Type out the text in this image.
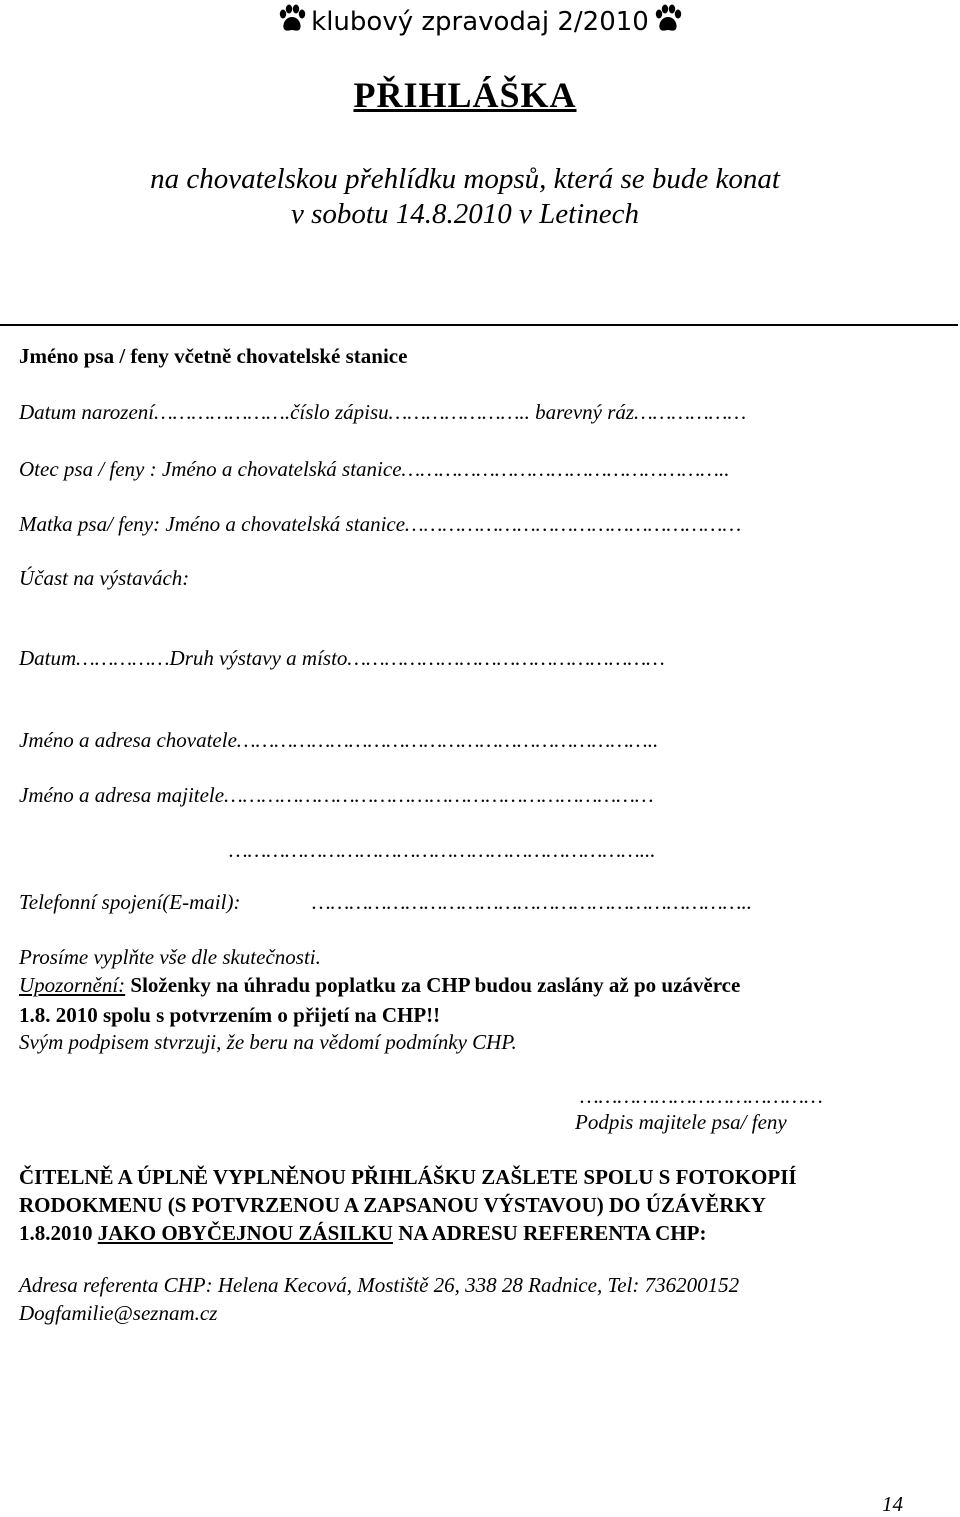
klubový zpravodaj 2/2010
PŘIHLÁŠKA
na chovatelskou přehlídku mopsů, která se bude konat
v sobotu 14.8.2010 v Letinech
Jméno psa / feny včetně chovatelské stanice
Datum narození………………….číslo zápisu………………….. barevný ráz………………
Otec psa / feny : Jméno a chovatelská stanice……………………………………………..
Matka psa/ feny: Jméno a chovatelská stanice………………………………………………
Účast na výstavách:
Datum……………Druh výstavy a místo……………………………………………
Jméno a adresa chovatele…………………………………………………………..
Jméno a adresa majitele……………………………………………………………
…………………………………………………………...
Telefonní spojení(E-mail):	……………………………………………………………..
Prosíme vyplňte vše dle skutečnosti.
Upozornění: Složenky na úhradu poplatku za CHP budou zaslány až po uzávěrce
1.8. 2010 spolu s potvrzením o přijetí na CHP!!
Svým podpisem stvrzuji, že beru na vědomí podmínky CHP.
…………………………………
Podpis majitele psa/ feny
ČITELNĚ A ÚPLNĚ VYPLNĚNOU PŘIHLÁŠKU ZAŠLETE SPOLU S FOTOKOPIÍ
RODOKMENU (S POTVRZENOU A ZAPSANOU VÝSTAVOU) DO ÚZÁVĚRKY
1.8.2010 JAKO OBYČEJNOU ZÁSILKU NA ADRESU REFERENTA CHP:
Adresa referenta CHP: Helena Kecová, Mostiště 26, 338 28 Radnice, Tel: 736200152
Dogfamilie@seznam.cz
14
